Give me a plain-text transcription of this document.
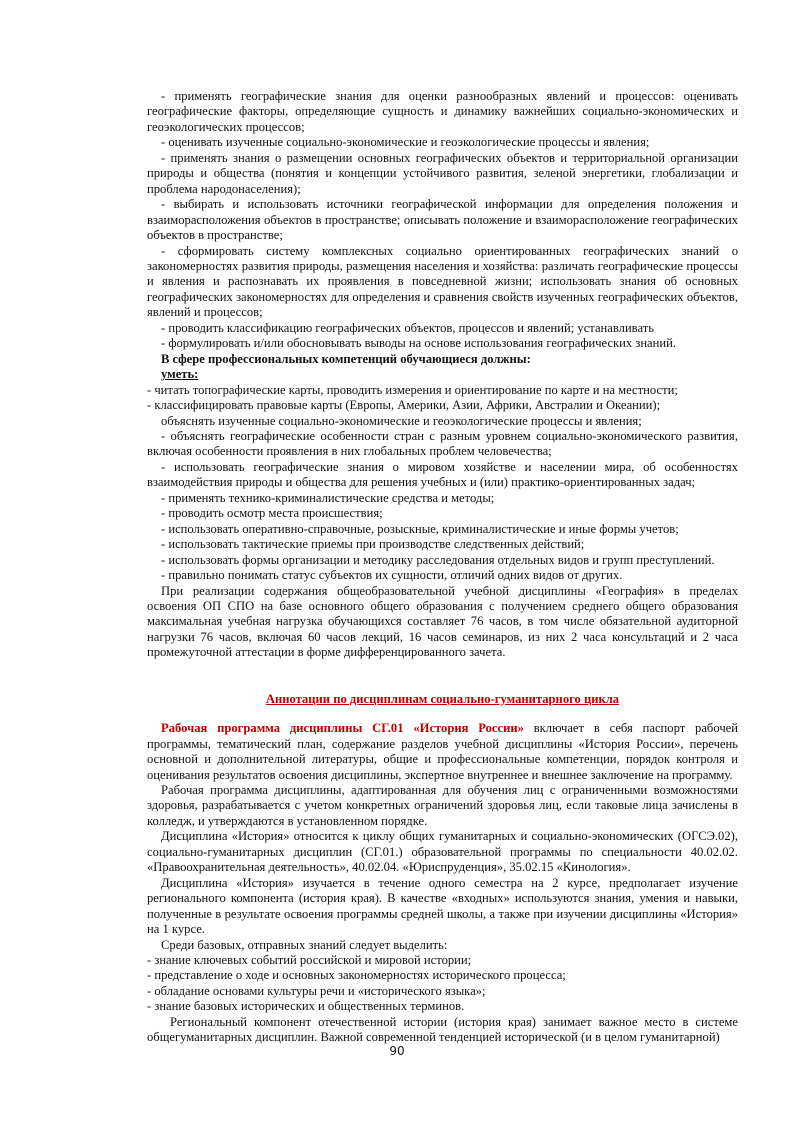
- применять географические знания для оценки разнообразных явлений и процессов: оценивать географические факторы, определяющие сущность и динамику важнейших социально-экономических и геоэкологических процессов;

- оценивать изученные социально-экономические и геоэкологические процессы и явления;

- применять знания о размещении основных географических объектов и территориальной организации природы и общества (понятия и концепции устойчивого развития, зеленой энергетики, глобализации и проблема народонаселения);

- выбирать и использовать источники географической информации для определения положения и взаиморасположения объектов в пространстве; описывать положение и взаиморасположение географических объектов в пространстве;

- сформировать систему комплексных социально ориентированных географических знаний о закономерностях развития природы, размещения населения и хозяйства: различать географические процессы и явления и распознавать их проявления в повседневной жизни; использовать знания об основных географических закономерностях для определения и сравнения свойств изученных географических объектов, явлений и процессов;

- проводить классификацию географических объектов, процессов и явлений; устанавливать

- формулировать и/или обосновывать выводы на основе использования географических знаний.

В сфере профессиональных компетенций обучающиеся должны:

уметь:

- читать топографические карты, проводить измерения и ориентирование по карте и на местности;

- классифицировать правовые карты (Европы, Америки, Азии, Африки, Австралии и Океании);

объяснять изученные социально-экономические и геоэкологические процессы и явления;

- объяснять географические особенности стран с разным уровнем социально-экономического развития, включая особенности проявления в них глобальных проблем человечества;

- использовать географические знания о мировом хозяйстве и населении мира, об особенностях взаимодействия природы и общества для решения учебных и (или) практико-ориентированных задач;

- применять технико-криминалистические средства и методы;

- проводить осмотр места происшествия;

- использовать оперативно-справочные, розыскные, криминалистические и иные формы учетов;

- использовать тактические приемы при производстве следственных действий;

- использовать формы организации и методику расследования отдельных видов и групп преступлений.

- правильно понимать статус субъектов их сущности, отличий одних видов от других.

При реализации содержания общеобразовательной учебной дисциплины «География» в пределах освоения ОП СПО на базе основного общего образования с получением среднего общего образования максимальная учебная нагрузка обучающихся составляет 76 часов, в том числе обязательной аудиторной нагрузки 76 часов, включая 60 часов лекций, 16 часов семинаров, из них 2 часа консультаций и 2 часа промежуточной аттестации в форме дифференцированного зачета.

Аннотации по дисциплинам социально-гуманитарного цикла

Рабочая программа дисциплины СГ.01 «История России» включает в себя паспорт рабочей программы, тематический план, содержание разделов учебной дисциплины «История России», перечень основной и дополнительной литературы, общие и профессиональные компетенции, порядок контроля и оценивания результатов освоения дисциплины, экспертное внутреннее и внешнее заключение на программу.

Рабочая программа дисциплины, адаптированная для обучения лиц с ограниченными возможностями здоровья, разрабатывается с учетом конкретных ограничений здоровья лиц, если таковые лица зачислены в колледж, и утверждаются в установленном порядке.

Дисциплина «История» относится к циклу общих гуманитарных и социально-экономических (ОГСЭ.02), социально-гуманитарных дисциплин (СГ.01.) образовательной программы по специальности 40.02.02. «Правоохранительная деятельность», 40.02.04. «Юриспруденция», 35.02.15 «Кинология».

Дисциплина «История» изучается в течение одного семестра на 2 курсе, предполагает изучение регионального компонента (история края). В качестве «входных» используются знания, умения и навыки, полученные в результате освоения программы средней школы, а также при изучении дисциплины «История» на 1 курсе.

Среди базовых, отправных знаний следует выделить:

- знание ключевых событий российской и мировой истории;

- представление о ходе и основных закономерностях исторического процесса;

- обладание основами культуры речи и «исторического языка»;

- знание базовых исторических и общественных терминов.

Региональный компонент отечественной истории (история края) занимает важное место в системе общегуманитарных дисциплин. Важной современной тенденцией исторической (и в целом гуманитарной)

90
